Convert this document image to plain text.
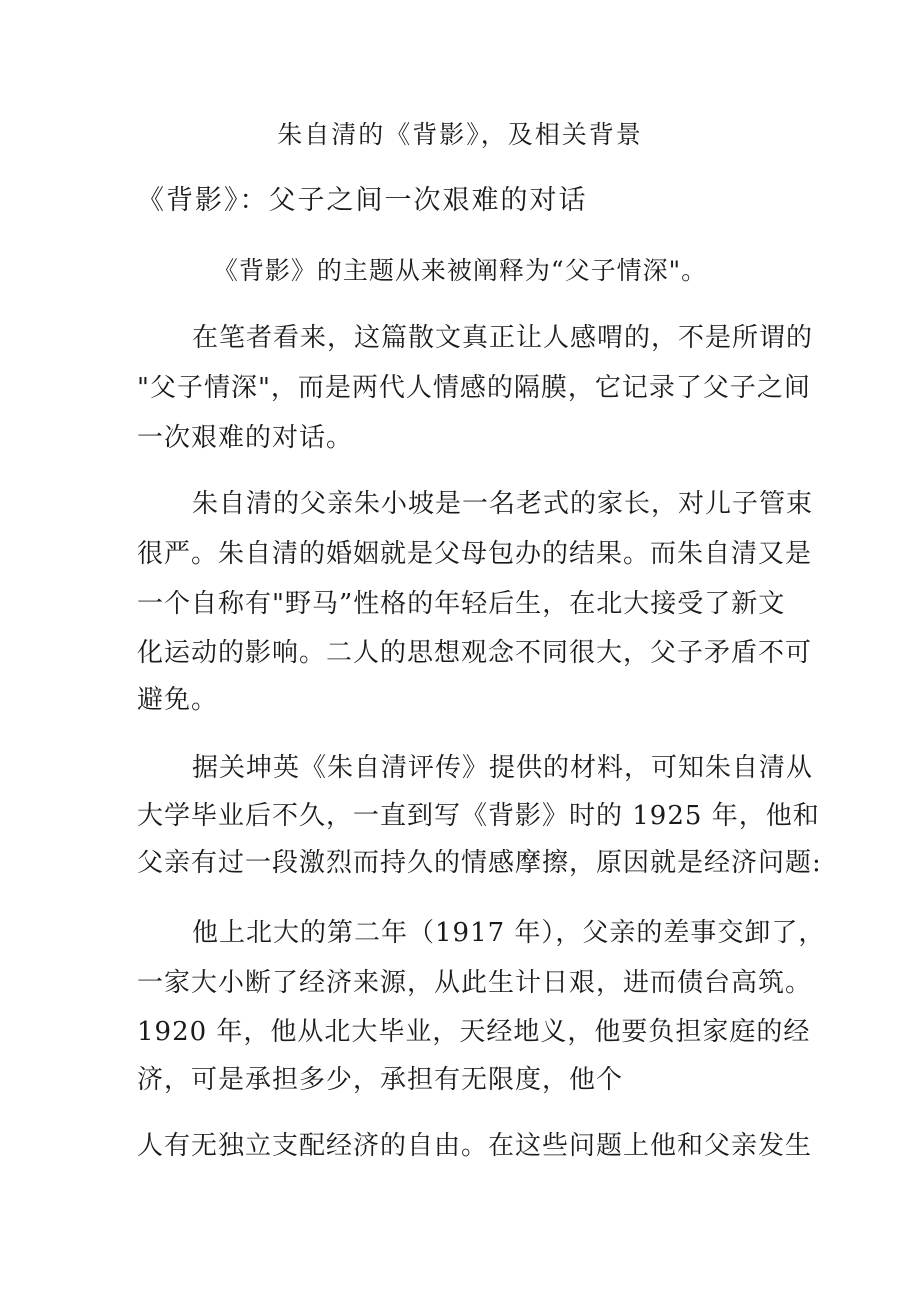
朱自清的《背影》，及相关背景
《背影》：父子之间一次艰难的对话
《背影》的主题从来被阐释为“父子情深"。
在笔者看来，这篇散文真正让人感喟的，不是所谓的
"父子情深"，而是两代人情感的隔膜，它记录了父子之间
一次艰难的对话。
朱自清的父亲朱小坡是一名老式的家长，对儿子管束
很严。朱自清的婚姻就是父母包办的结果。而朱自清又是
一个自称有"野马”性格的年轻后生，在北大接受了新文
化运动的影响。二人的思想观念不同很大，父子矛盾不可
避免。
据关坤英《朱自清评传》提供的材料，可知朱自清从
大学毕业后不久，一直到写《背影》时的 1925 年，他和
父亲有过一段激烈而持久的情感摩擦，原因就是经济问题:
他上北大的第二年（1917 年），父亲的差事交卸了，
一家大小断了经济来源，从此生计日艰，进而债台高筑。
1920 年，他从北大毕业，天经地义，他要负担家庭的经
济，可是承担多少，承担有无限度，他个
人有无独立支配经济的自由。在这些问题上他和父亲发生
